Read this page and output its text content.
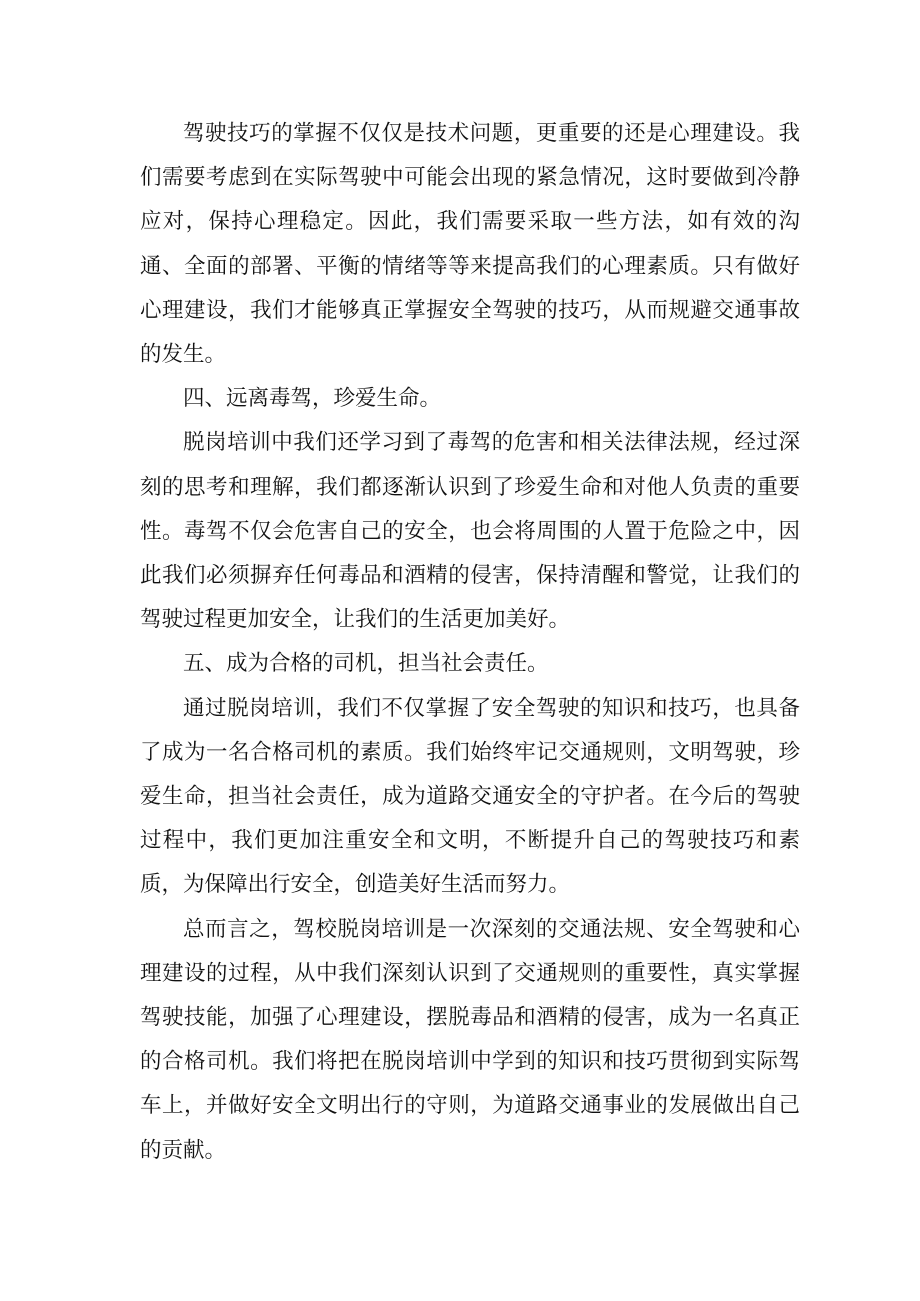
驾驶技巧的掌握不仅仅是技术问题，更重要的还是心理建设。我们需要考虑到在实际驾驶中可能会出现的紧急情况，这时要做到冷静应对，保持心理稳定。因此，我们需要采取一些方法，如有效的沟通、全面的部署、平衡的情绪等等来提高我们的心理素质。只有做好心理建设，我们才能够真正掌握安全驾驶的技巧，从而规避交通事故的发生。

四、远离毒驾，珍爱生命。

脱岗培训中我们还学习到了毒驾的危害和相关法律法规，经过深刻的思考和理解，我们都逐渐认识到了珍爱生命和对他人负责的重要性。毒驾不仅会危害自己的安全，也会将周围的人置于危险之中，因此我们必须摒弃任何毒品和酒精的侵害，保持清醒和警觉，让我们的驾驶过程更加安全，让我们的生活更加美好。

五、成为合格的司机，担当社会责任。

通过脱岗培训，我们不仅掌握了安全驾驶的知识和技巧，也具备了成为一名合格司机的素质。我们始终牢记交通规则，文明驾驶，珍爱生命，担当社会责任，成为道路交通安全的守护者。在今后的驾驶过程中，我们更加注重安全和文明，不断提升自己的驾驶技巧和素质，为保障出行安全，创造美好生活而努力。

总而言之，驾校脱岗培训是一次深刻的交通法规、安全驾驶和心理建设的过程，从中我们深刻认识到了交通规则的重要性，真实掌握驾驶技能，加强了心理建设，摆脱毒品和酒精的侵害，成为一名真正的合格司机。我们将把在脱岗培训中学到的知识和技巧贯彻到实际驾车上，并做好安全文明出行的守则，为道路交通事业的发展做出自己的贡献。
